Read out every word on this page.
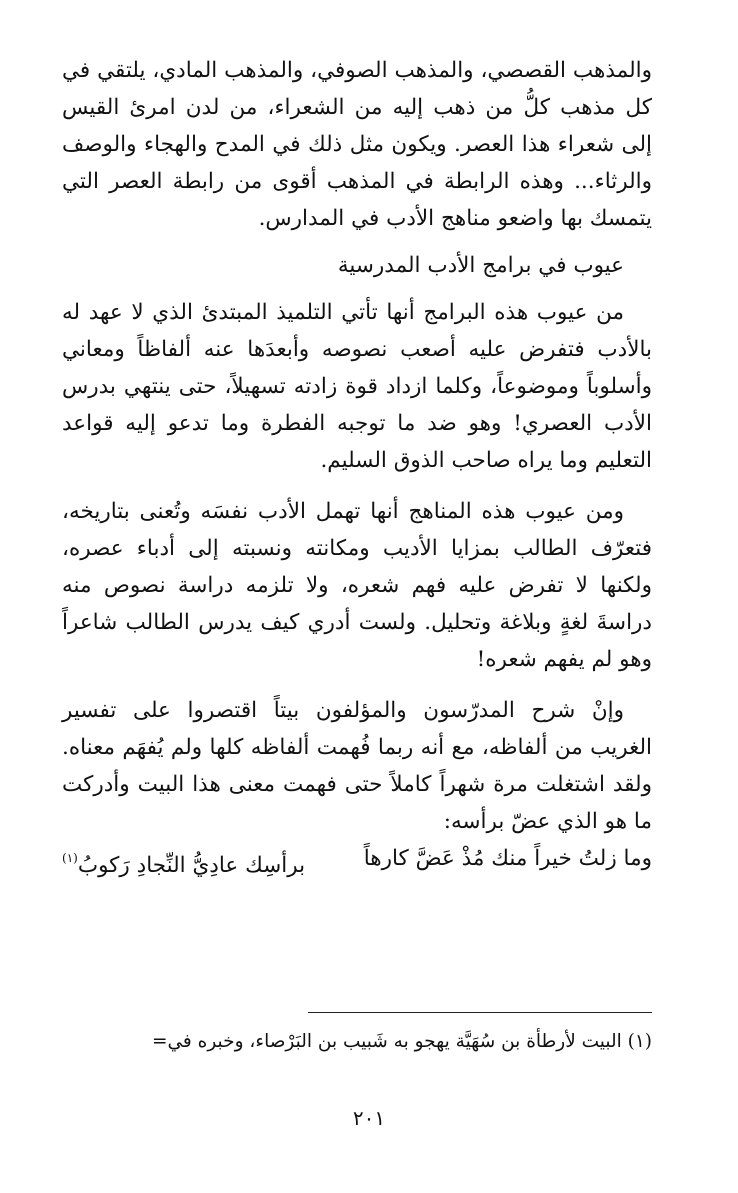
والمذهب القصصي، والمذهب الصوفي، والمذهب المادي، يلتقي في كل مذهب كلُّ من ذهب إليه من الشعراء، من لدن امرئ القيس إلى شعراء هذا العصر. ويكون مثل ذلك في المدح والهجاء والوصف والرثاء... وهذه الرابطة في المذهب أقوى من رابطة العصر التي يتمسك بها واضعو مناهج الأدب في المدارس.

عيوب في برامج الأدب المدرسية

من عيوب هذه البرامج أنها تأتي التلميذ المبتدئ الذي لا عهد له بالأدب فتفرض عليه أصعب نصوصه وأبعدَها عنه ألفاظاً ومعاني وأسلوباً وموضوعاً، وكلما ازداد قوة زادته تسهيلاً، حتى ينتهي بدرس الأدب العصري! وهو ضد ما توجبه الفطرة وما تدعو إليه قواعد التعليم وما يراه صاحب الذوق السليم.

ومن عيوب هذه المناهج أنها تهمل الأدب نفسَه وتُعنى بتاريخه، فتعرّف الطالب بمزايا الأديب ومكانته ونسبته إلى أدباء عصره، ولكنها لا تفرض عليه فهم شعره، ولا تلزمه دراسة نصوص منه دراسةَ لغةٍ وبلاغة وتحليل. ولست أدري كيف يدرس الطالب شاعراً وهو لم يفهم شعره!

وإنْ شرح المدرّسون والمؤلفون بيتاً اقتصروا على تفسير الغريب من ألفاظه، مع أنه ربما فُهمت ألفاظه كلها ولم يُفهَم معناه. ولقد اشتغلت مرة شهراً كاملاً حتى فهمت معنى هذا البيت وأدركت ما هو الذي عضّ برأسه:

وما زلتُ خيراً منك مُذْ عَضَّ كارهاً
برأسِك عادِيُّ النِّجادِ رَكوبُ$^{(١)}$

(١) البيت لأرطأة بن سُهَيَّة يهجو به شَبيب بن البَرْصاء، وخبره في=

٢٠١
